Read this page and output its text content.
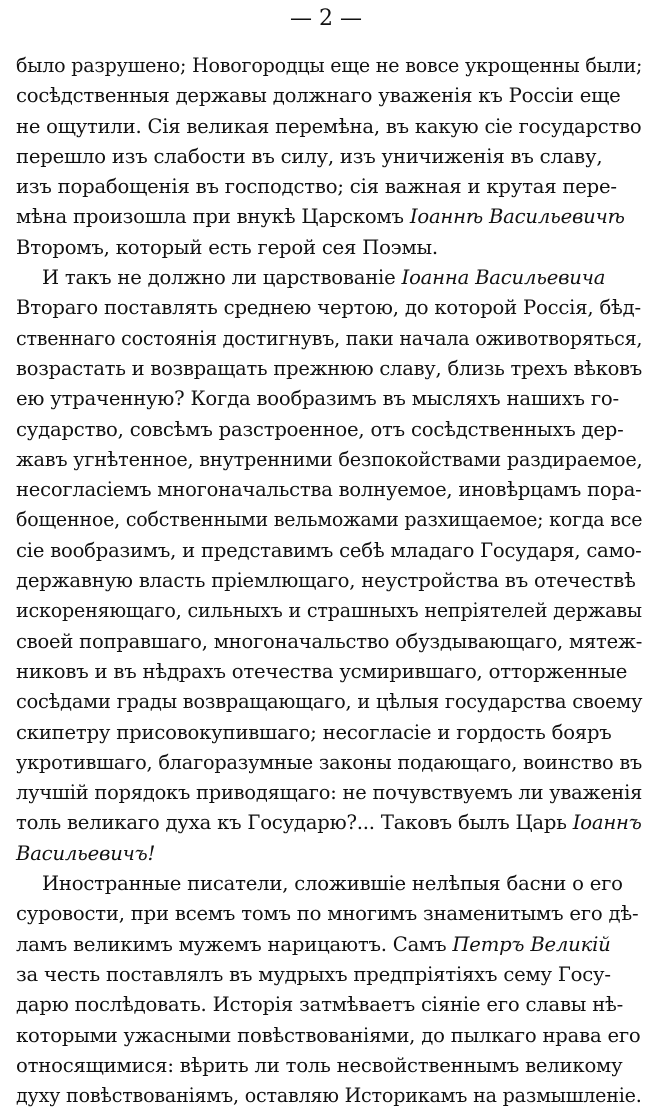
— 2 —
было разрушено; Новогородцы еще не вовсе укрощенны были;
сосѣдственныя державы должнаго уваженія къ Россіи еще
не ощутили. Сія великая перемѣна, въ какую сіе государство
перешло изъ слабости въ силу, изъ уничиженія въ славу,
изъ порабощенія въ господство; сія важная и крутая пере-
мѣна произошла при внукѣ Царскомъ Іоаннѣ Васильевичѣ
Второмъ, который есть герой сея Поэмы.
И такъ не должно ли царствованіе Іоанна Васильевича
Втораго поставлять среднею чертою, до которой Россія, бѣд-
ственнаго состоянія достигнувъ, паки начала оживотворяться,
возрастать и возвращать прежнюю славу, близь трехъ вѣковъ
ею утраченную? Когда вообразимъ въ мысляхъ нашихъ го-
сударство, совсѣмъ разстроенное, отъ сосѣдственныхъ дер-
жавъ угнѣтенное, внутренними безпокойствами раздираемое,
несогласіемъ многоначальства волнуемое, иновѣрцамъ пора-
бощенное, собственными вельможами разхищаемое; когда все
сіе вообразимъ, и представимъ себѣ младаго Государя, само-
державную власть пріемлющаго, неустройства въ отечествѣ
искореняющаго, сильныхъ и страшныхъ непріятелей державы
своей поправшаго, многоначальство обуздывающаго, мятеж-
никовъ и въ нѣдрахъ отечества усмирившаго, отторженные
сосѣдами грады возвращающаго, и цѣлыя государства своему
скипетру присовокупившаго; несогласіе и гордость бояръ
укротившаго, благоразумные законы подающаго, воинство въ
лучшій порядокъ приводящаго: не почувствуемъ ли уваженія
толь великаго духа къ Государю?... Таковъ былъ Царь Іоаннъ
Васильевичъ!
Иностранные писатели, сложившіе нелѣпыя басни о его
суровости, при всемъ томъ по многимъ знаменитымъ его дѣ-
ламъ великимъ мужемъ нарицаютъ. Самъ Петръ Великій
за честь поставлялъ въ мудрыхъ предпріятіяхъ сему Госу-
дарю послѣдовать. Исторія затмѣваетъ сіяніе его славы нѣ-
которыми ужасными повѣствованіями, до пылкаго нрава его
относящимися: вѣрить ли толь несвойственнымъ великому
духу повѣствованіямъ, оставляю Историкамъ на размышленіе.
